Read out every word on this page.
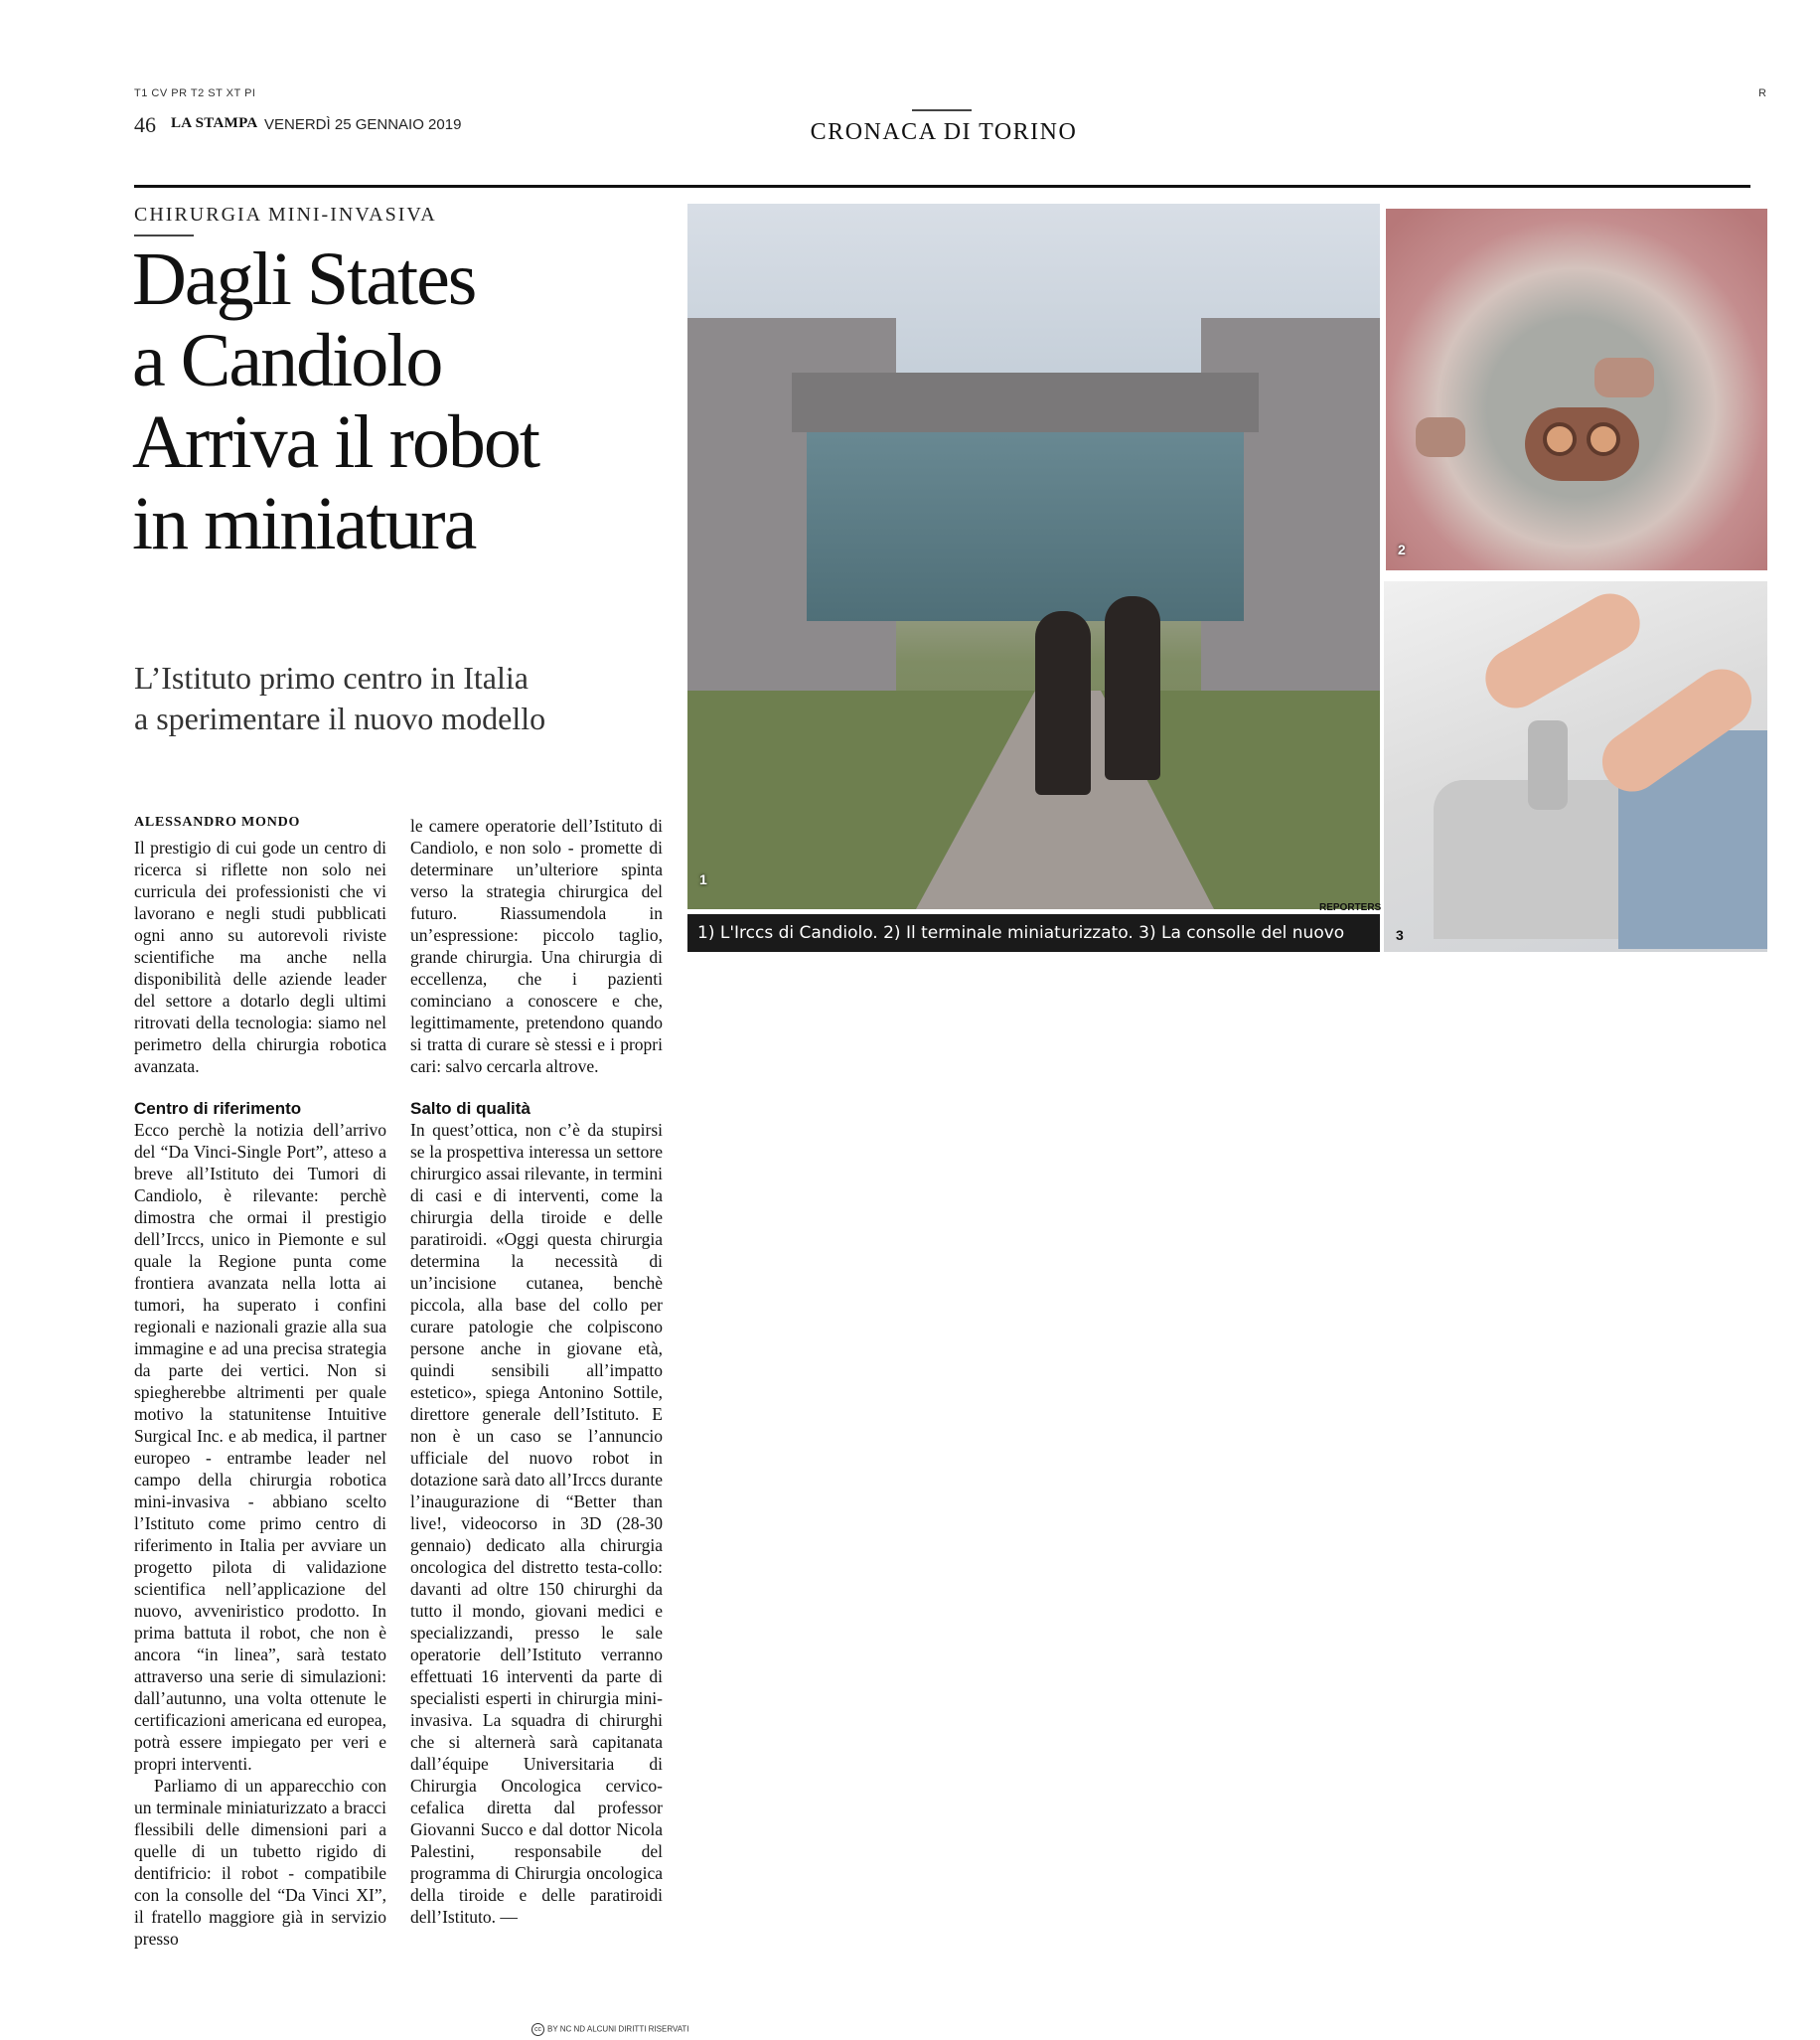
T1 CV PR T2 ST XT PI	R
46 LA STAMPA VENERDÌ 25 GENNAIO 2019	CRONACA DI TORINO
CHIRURGIA MINI-INVASIVA
Dagli States
a Candiolo
Arriva il robot
in miniatura
L’Istituto primo centro in Italia
a sperimentare il nuovo modello
ALESSANDRO MONDO

Il prestigio di cui gode un centro di ricerca si riflette non solo nei curricula dei professionisti che vi lavorano e negli studi pubblicati ogni anno su autorevoli riviste scientifiche ma anche nella disponibilità delle aziende leader del settore a dotarlo degli ultimi ritrovati della tecnologia: siamo nel perimetro della chirurgia robotica avanzata.

Centro di riferimento

Ecco perchè la notizia dell’arrivo del “Da Vinci-Single Port”, atteso a breve all’Istituto dei Tumori di Candiolo, è rilevante: perchè dimostra che ormai il prestigio dell’Irccs, unico in Piemonte e sul quale la Regione punta come frontiera avanzata nella lotta ai tumori, ha superato i confini regionali e nazionali grazie alla sua immagine e ad una precisa strategia da parte dei vertici. Non si spiegherebbe altrimenti per quale motivo la statunitense Intuitive Surgical Inc. e ab medica, il partner europeo - entrambe leader nel campo della chirurgia robotica mini-invasiva - abbiano scelto l’Istituto come primo centro di riferimento in Italia per avviare un progetto pilota di validazione scientifica nell’applicazione del nuovo, avveniristico prodotto. In prima battuta il robot, che non è ancora “in linea”, sarà testato attraverso una serie di simulazioni: dall’autunno, una volta ottenute le certificazioni americana ed europea, potrà essere impiegato per veri e propri interventi.

Parliamo di un apparecchio con un terminale miniaturizzato a bracci flessibili delle dimensioni pari a quelle di un tubetto rigido di dentifricio: il robot - compatibile con la consolle del “Da Vinci XI”, il fratello maggiore già in servizio presso

le camere operatorie dell’Istituto di Candiolo, e non solo - promette di determinare un’ulteriore spinta verso la strategia chirurgica del futuro. Riassumendola in un’espressione: piccolo taglio, grande chirurgia. Una chirurgia di eccellenza, che i pazienti cominciano a conoscere e che, legittimamente, pretendono quando si tratta di curare sè stessi e i propri cari: salvo cercarla altrove.

Salto di qualità

In quest’ottica, non c’è da stupirsi se la prospettiva interessa un settore chirurgico assai rilevante, in termini di casi e di interventi, come la chirurgia della tiroide e delle paratiroidi. «Oggi questa chirurgia determina la necessità di un’incisione cutanea, benchè piccola, alla base del collo per curare patologie che colpiscono persone anche in giovane età, quindi sensibili all’impatto estetico», spiega Antonino Sottile, direttore generale dell’Istituto. E non è un caso se l’annuncio ufficiale del nuovo robot in dotazione sarà dato all’Irccs durante l’inaugurazione di “Better than live!, videocorso in 3D (28-30 gennaio) dedicato alla chirurgia oncologica del distretto testa-collo: davanti ad oltre 150 chirurghi da tutto il mondo, giovani medici e specializzandi, presso le sale operatorie dell’Istituto verranno effettuati 16 interventi da parte di specialisti esperti in chirurgia mini-invasiva. La squadra di chirurghi che si alternerà sarà capitanata dall’équipe Universitaria di Chirurgia Oncologica cervico-cefalica diretta dal professor Giovanni Succo e dal dottor Nicola Palestini, responsabile del programma di Chirurgia oncologica della tiroide e delle paratiroidi dell’Istituto. —

cc BY NC ND ALCUNI DIRITTI RISERVATI
1
REPORTERS
1) L'Irccs di Candiolo. 2) Il terminale miniaturizzato. 3) La consolle del nuovo robot
2
3
